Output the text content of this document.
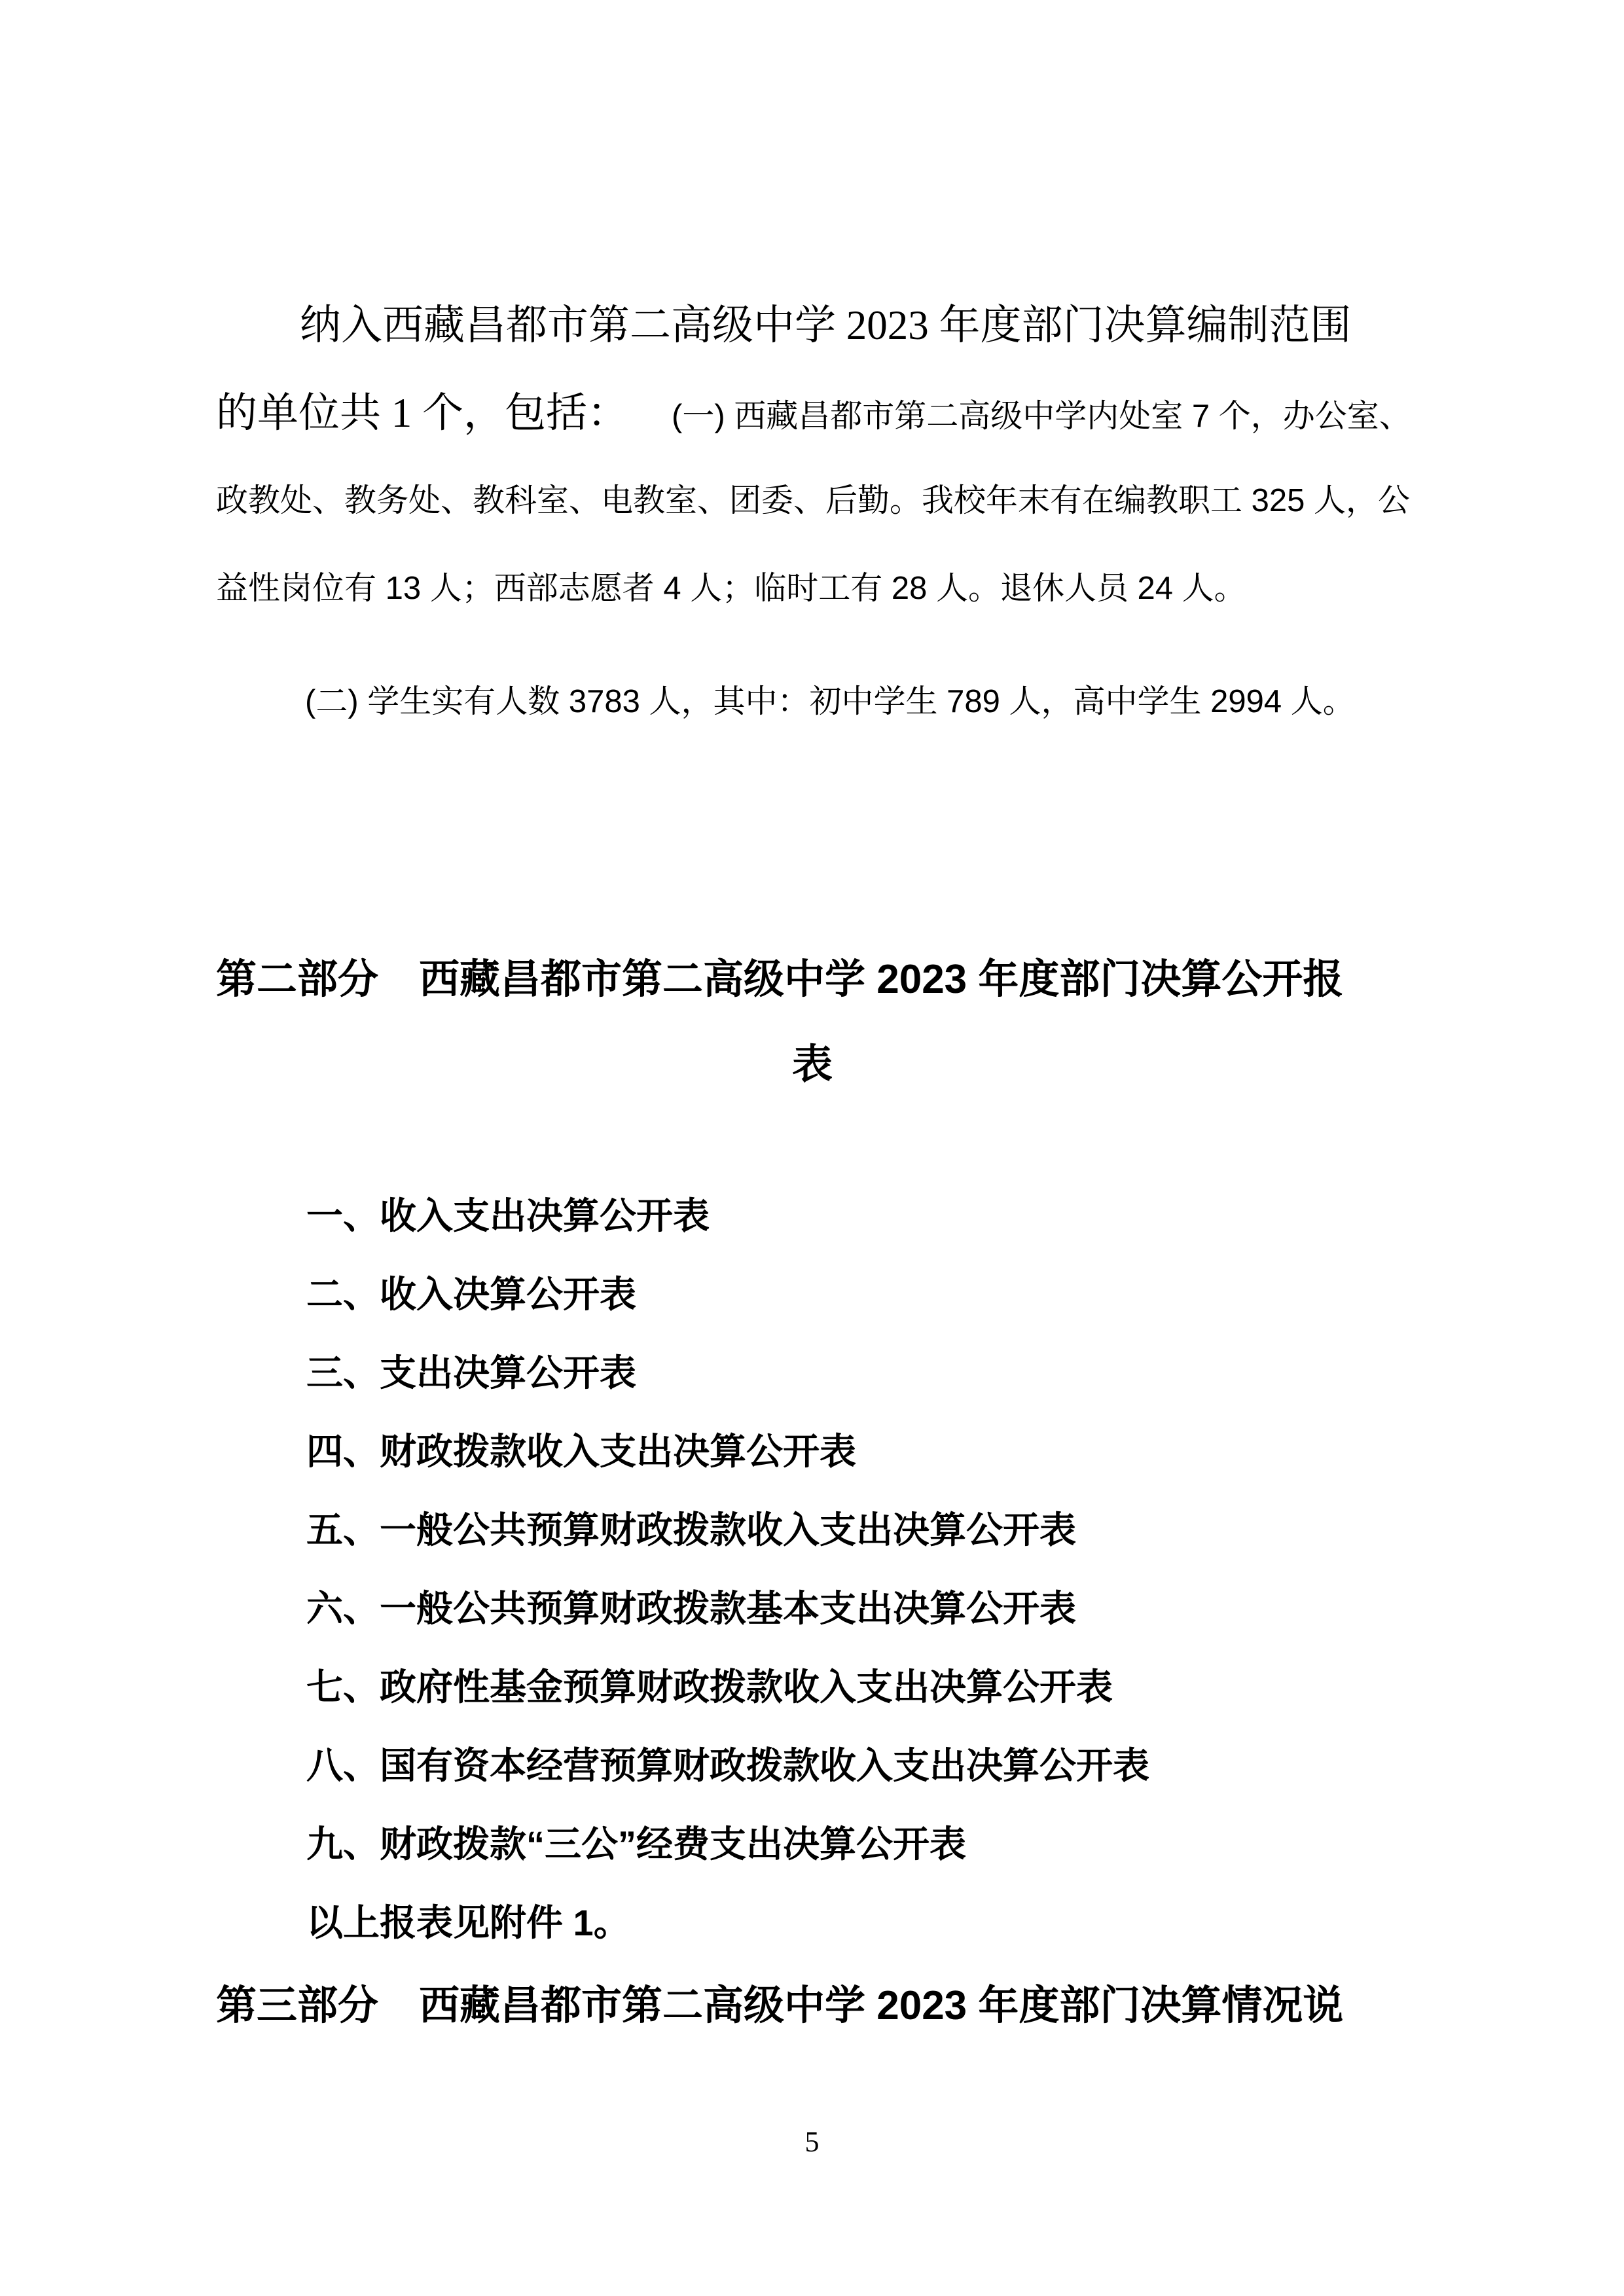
纳入西藏昌都市第二高级中学 2023 年度部门决算编制范围
的单位共 1 个，包括： (一) 西藏昌都市第二高级中学内处室 7 个，办公室、
政教处、教务处、教科室、电教室、团委、后勤。我校年末有在编教职工 325 人，公
益性岗位有 13 人；西部志愿者 4 人；临时工有 28 人。退休人员 24 人。
(二) 学生实有人数 3783 人，其中：初中学生 789 人，高中学生 2994 人。
第二部分　西藏昌都市第二高级中学 2023 年度部门决算公开报
表
一、收入支出决算公开表
二、收入决算公开表
三、支出决算公开表
四、财政拨款收入支出决算公开表
五、一般公共预算财政拨款收入支出决算公开表
六、一般公共预算财政拨款基本支出决算公开表
七、政府性基金预算财政拨款收入支出决算公开表
八、国有资本经营预算财政拨款收入支出决算公开表
九、财政拨款“三公”经费支出决算公开表
以上报表见附件 1。
第三部分　西藏昌都市第二高级中学 2023 年度部门决算情况说
5
